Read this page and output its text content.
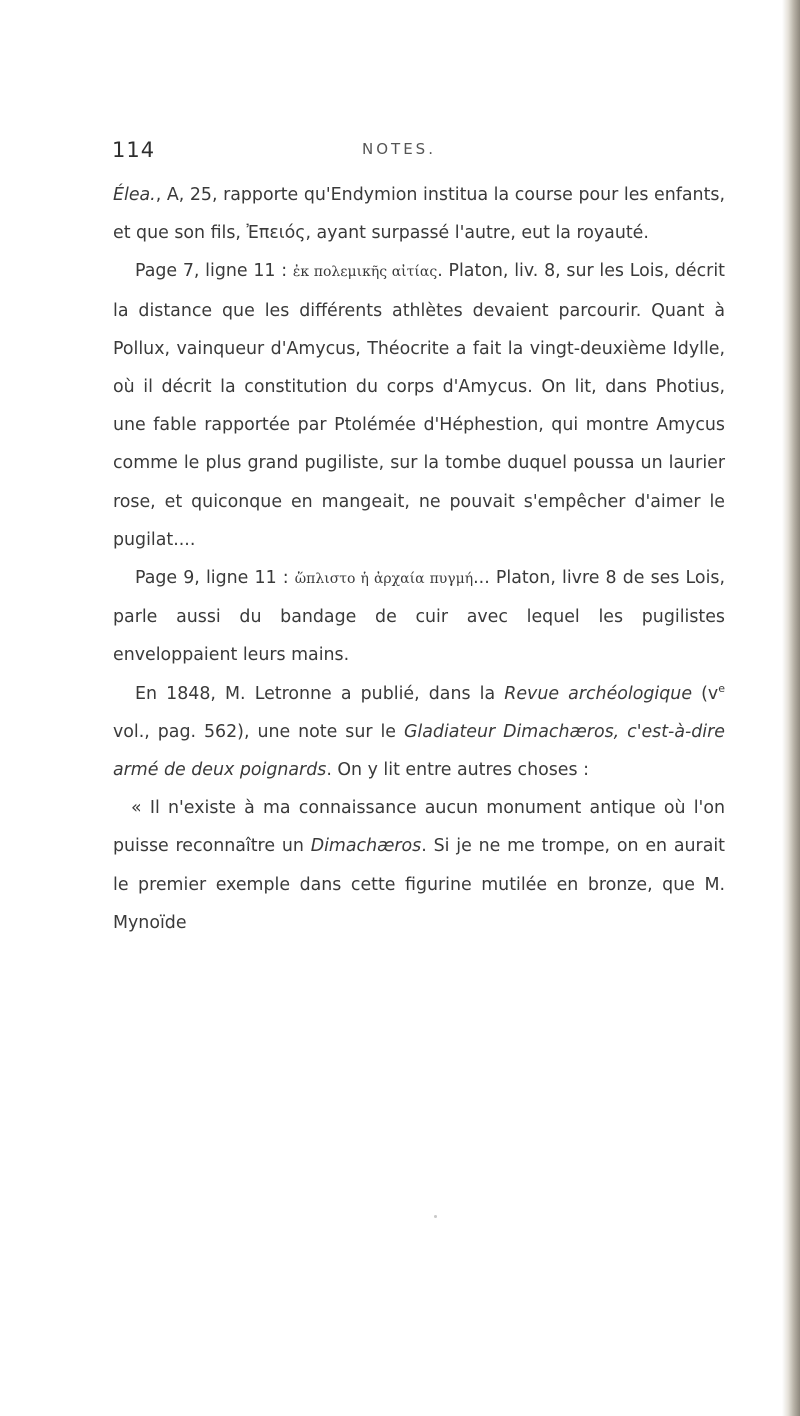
114	NOTES.

Élea., A, 25, rapporte qu'Endymion institua la course pour les enfants, et que son fils, Ἐπειός, ayant surpassé l'autre, eut la royauté.

Page 7, ligne 11 : ἐκ πολεμικῆς αἰτίας. Platon, liv. 8, sur les Lois, décrit la distance que les différents athlètes devaient parcourir. Quant à Pollux, vainqueur d'Amycus, Théocrite a fait la vingt-deuxième Idylle, où il décrit la constitution du corps d'Amycus. On lit, dans Photius, une fable rapportée par Ptolémée d'Héphestion, qui montre Amycus comme le plus grand pugiliste, sur la tombe duquel poussa un laurier rose, et quiconque en mangeait, ne pouvait s'empêcher d'aimer le pugilat....

Page 9, ligne 11 : ὥπλιστο ἡ ἀρχαία πυγμή... Platon, livre 8 de ses Lois, parle aussi du bandage de cuir avec lequel les pugilistes enveloppaient leurs mains.

En 1848, M. Letronne a publié, dans la Revue archéologique ($v^e$ vol., pag. 562), une note sur le Gladiateur Dimachæros, c'est-à-dire armé de deux poignards. On y lit entre autres choses :

« Il n'existe à ma connaissance aucun monument antique où l'on puisse reconnaître un Dimachæros. Si je ne me trompe, on en aurait le premier exemple dans cette figurine mutilée en bronze, que M. Mynoïde
